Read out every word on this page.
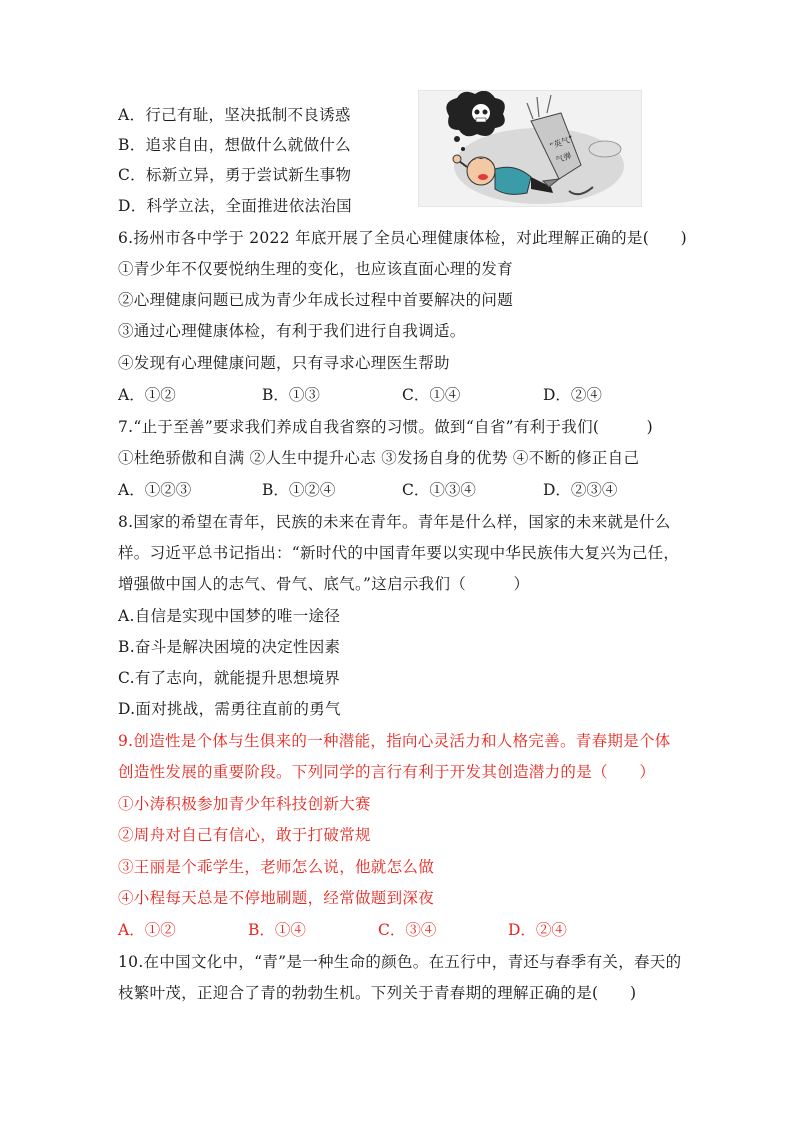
A．行己有耻，坚决抵制不良诱惑
B．追求自由，想做什么就做什么
C．标新立异，勇于尝试新生事物
D．科学立法，全面推进依法治国
“英气”
气弹
6.扬州市各中学于 2022 年底开展了全员心理健康体检，对此理解正确的是(　　)
①青少年不仅要悦纳生理的变化，也应该直面心理的发育
②心理健康问题已成为青少年成长过程中首要解决的问题
③通过心理健康体检，有利于我们进行自我调适。
④发现有心理健康问题，只有寻求心理医生帮助
A．①②	B．①③	C．①④	D．②④
7.“止于至善”要求我们养成自我省察的习惯。做到“自省”有利于我们(　　　)
①杜绝骄傲和自满 ②人生中提升心志 ③发扬自身的优势 ④不断的修正自己
A．①②③	B．①②④	C．①③④	D．②③④
8.国家的希望在青年，民族的未来在青年。青年是什么样，国家的未来就是什么
样。习近平总书记指出：“新时代的中国青年要以实现中华民族伟大复兴为己任，
增强做中国人的志气、骨气、底气。”这启示我们（　　　）
A.自信是实现中国梦的唯一途径
B.奋斗是解决困境的决定性因素
C.有了志向，就能提升思想境界
D.面对挑战，需勇往直前的勇气
9.创造性是个体与生俱来的一种潜能，指向心灵活力和人格完善。青春期是个体
创造性发展的重要阶段。下列同学的言行有利于开发其创造潜力的是（　　）
①小涛积极参加青少年科技创新大赛
②周舟对自己有信心，敢于打破常规
③王丽是个乖学生，老师怎么说，他就怎么做
④小程每天总是不停地刷题，经常做题到深夜
A．①②	B．①④	C．③④	D．②④
10.在中国文化中，“青”是一种生命的颜色。在五行中，青还与春季有关，春天的
枝繁叶茂，正迎合了青的勃勃生机。下列关于青春期的理解正确的是(　　)
